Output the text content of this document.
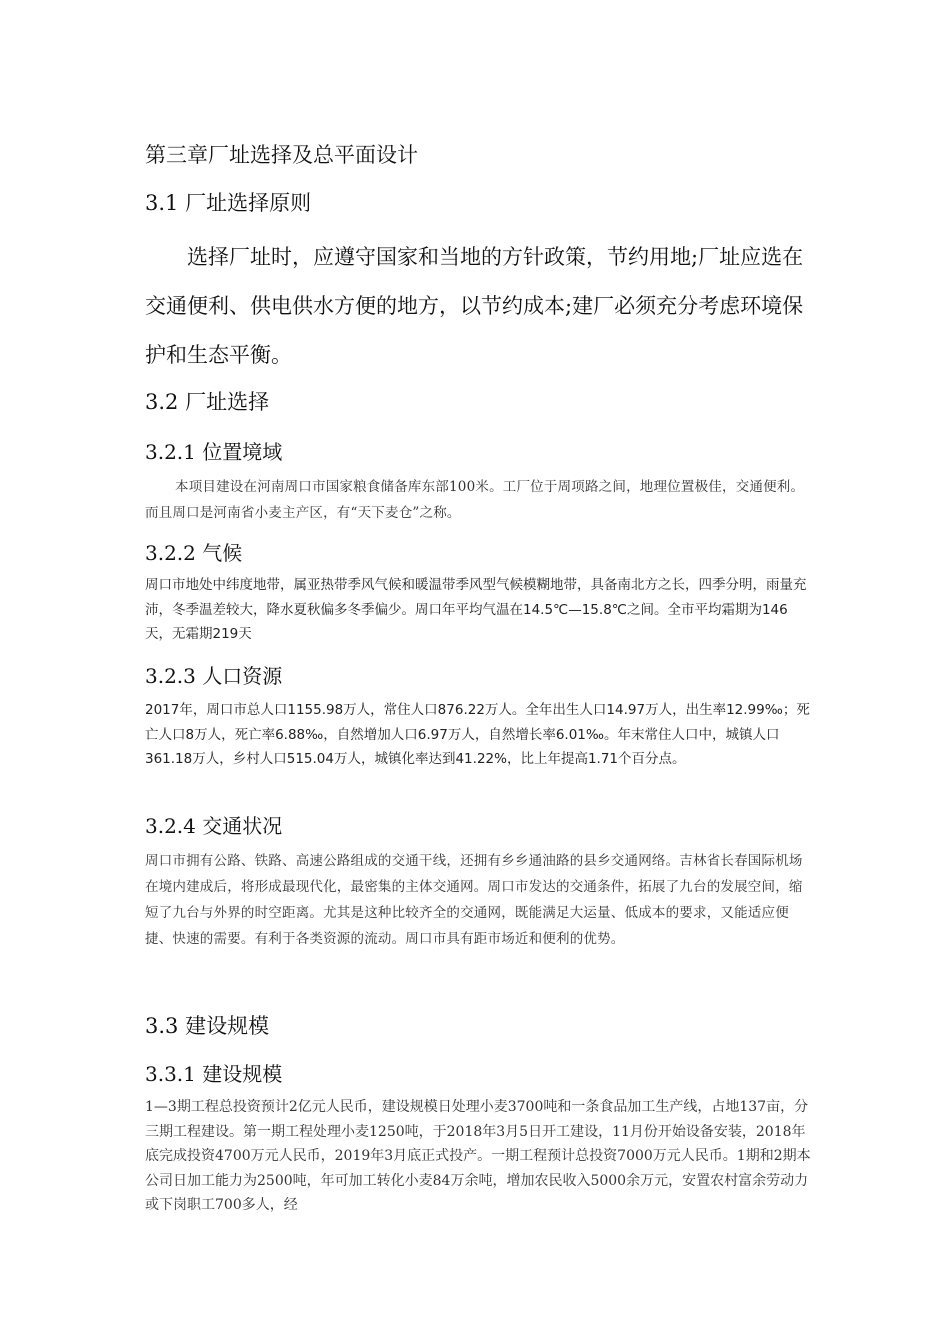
第三章厂址选择及总平面设计
3.1 厂址选择原则
选择厂址时，应遵守国家和当地的方针政策，节约用地;厂址应选在交通便利、供电供水方便的地方，以节约成本;建厂必须充分考虑环境保护和生态平衡。
3.2 厂址选择
3.2.1 位置境域
本项目建设在河南周口市国家粮食储备库东部100米。工厂位于周项路之间，地理位置极佳，交通便利。而且周口是河南省小麦主产区，有“天下麦仓”之称。
3.2.2 气候
周口市地处中纬度地带，属亚热带季风气候和暖温带季风型气候模糊地带，具备南北方之长，四季分明，雨量充沛，冬季温差较大，降水夏秋偏多冬季偏少。周口年平均气温在14.5℃—15.8℃之间。全市平均霜期为146天，无霜期219天
3.2.3 人口资源
2017年，周口市总人口1155.98万人，常住人口876.22万人。全年出生人口14.97万人，出生率12.99‰；死亡人口8万人，死亡率6.88‰，自然增加人口6.97万人，自然增长率6.01‰。年末常住人口中，城镇人口361.18万人，乡村人口515.04万人，城镇化率达到41.22%，比上年提高1.71个百分点。
3.2.4 交通状况
周口市拥有公路、铁路、高速公路组成的交通干线，还拥有乡乡通油路的县乡交通网络。吉林省长春国际机场在境内建成后，将形成最现代化，最密集的主体交通网。周口市发达的交通条件，拓展了九台的发展空间，缩短了九台与外界的时空距离。尤其是这种比较齐全的交通网，既能满足大运量、低成本的要求，又能适应便捷、快速的需要。有利于各类资源的流动。周口市具有距市场近和便利的优势。
3.3 建设规模
3.3.1 建设规模
1—3期工程总投资预计2亿元人民币，建设规模日处理小麦3700吨和一条食品加工生产线，占地137亩，分三期工程建设。第一期工程处理小麦1250吨，于2018年3月5日开工建设，11月份开始设备安装，2018年底完成投资4700万元人民币，2019年3月底正式投产。一期工程预计总投资7000万元人民币。1期和2期本公司日加工能力为2500吨，年可加工转化小麦84万余吨，增加农民收入5000余万元，安置农村富余劳动力或下岗职工700多人，经
